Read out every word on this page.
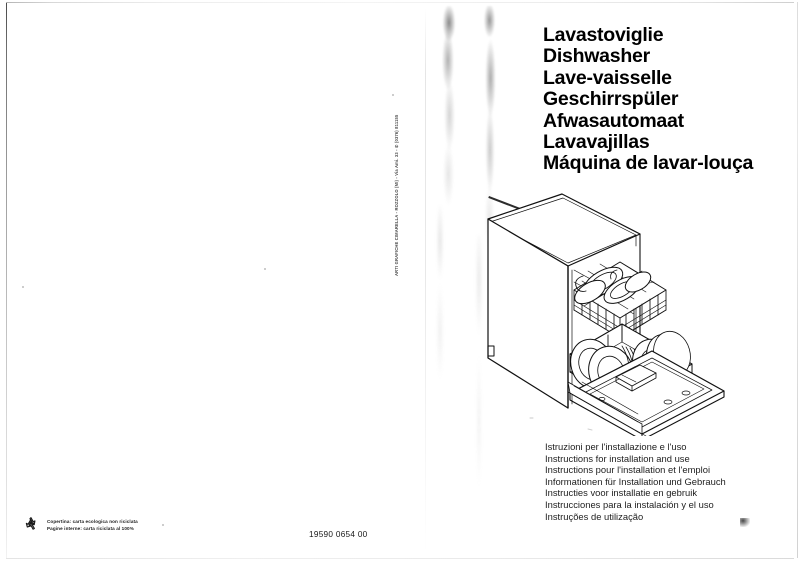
ARTI GRAFICHE CIMARELLA - ROZZOLO (MI) - Via Ami. 33 - ✆ (0376) 811155
Lavastoviglie
Dishwasher
Lave-vaisselle
Geschirrspüler
Afwasautomaat
Lavavajillas
Máquina de lavar-louça
Istruzioni per l'installazione e l'uso
Instructions for installation and use
Instructions pour l'installation et l'emploi
Informationen für Installation und Gebrauch
Instructies voor installatie en gebruik
Instrucciones para la instalación y el uso
Instruções de utilização
Copertina: carta ecologica non riciclata
Pagine interne: carta riciclata al 100%
19590 0654 00
